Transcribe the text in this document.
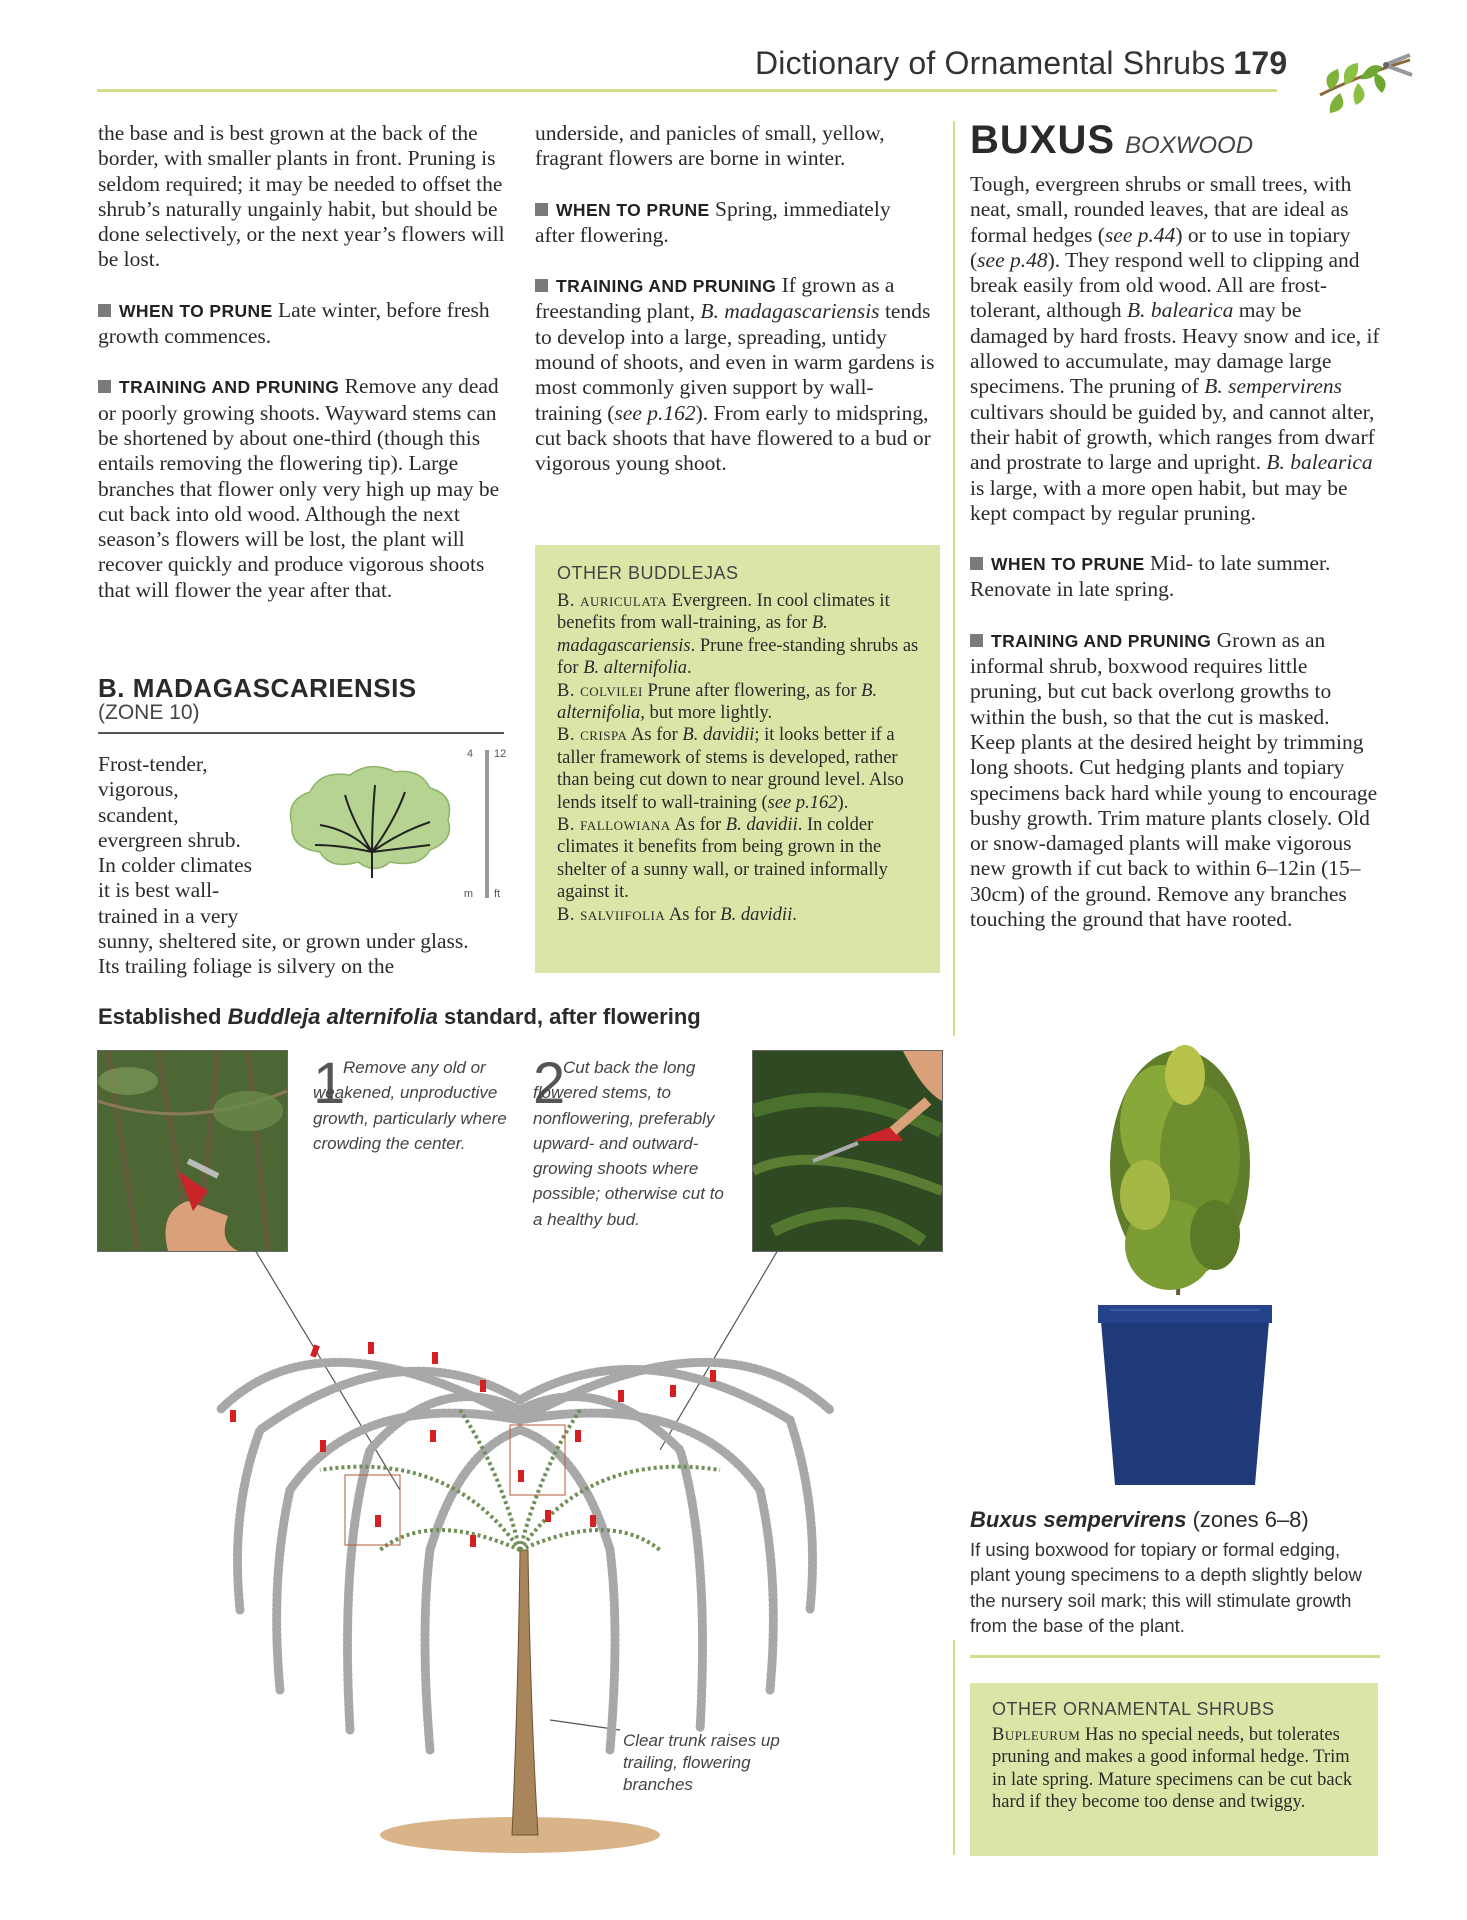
Dictionary of Ornamental Shrubs 179

the base and is best grown at the back of the border, with smaller plants in front. Pruning is seldom required; it may be needed to offset the shrub’s naturally ungainly habit, but should be done selectively, or the next year’s flowers will be lost.

WHEN TO PRUNE Late winter, before fresh growth commences.

TRAINING AND PRUNING Remove any dead or poorly growing shoots. Wayward stems can be shortened by about one-third (though this entails removing the flowering tip). Large branches that flower only very high up may be cut back into old wood. Although the next season’s flowers will be lost, the plant will recover quickly and produce vigorous shoots that will flower the year after that.

B. MADAGASCARIENSIS
(ZONE 10)
Frost-tender,
vigorous,
scandent,
evergreen shrub.
In colder climates
it is best wall-
trained in a very
sunny, sheltered site, or grown under glass.
Its trailing foliage is silvery on the
4 12
m ft

underside, and panicles of small, yellow, fragrant flowers are borne in winter.

WHEN TO PRUNE Spring, immediately after flowering.

TRAINING AND PRUNING If grown as a freestanding plant, B. madagascariensis tends to develop into a large, spreading, untidy mound of shoots, and even in warm gardens is most commonly given support by wall-training (see p.162). From early to midspring, cut back shoots that have flowered to a bud or vigorous young shoot.

OTHER BUDDLEJAS
B. auriculata Evergreen. In cool climates it benefits from wall-training, as for B. madagascariensis. Prune free-standing shrubs as for B. alternifolia.
B. colvilei Prune after flowering, as for B. alternifolia, but more lightly.
B. crispa As for B. davidii; it looks better if a taller framework of stems is developed, rather than being cut down to near ground level. Also lends itself to wall-training (see p.162).
B. fallowiana As for B. davidii. In colder climates it benefits from being grown in the shelter of a sunny wall, or trained informally against it.
B. salviifolia As for B. davidii.
Established Buddleja alternifolia standard, after flowering
1
Remove any old or weakened, unproductive growth, particularly where crowding the center.
2
Cut back the long flowered stems, to nonflowering, preferably upward- and outward-growing shoots where possible; otherwise cut to a healthy bud.
Clear trunk raises up trailing, flowering branches
BUXUS BOXWOOD

Tough, evergreen shrubs or small trees, with neat, small, rounded leaves, that are ideal as formal hedges (see p.44) or to use in topiary (see p.48). They respond well to clipping and break easily from old wood. All are frost-tolerant, although B. balearica may be damaged by hard frosts. Heavy snow and ice, if allowed to accumulate, may damage large specimens. The pruning of B. sempervirens cultivars should be guided by, and cannot alter, their habit of growth, which ranges from dwarf and prostrate to large and upright. B. balearica is large, with a more open habit, but may be kept compact by regular pruning.

WHEN TO PRUNE Mid- to late summer. Renovate in late spring.

TRAINING AND PRUNING Grown as an informal shrub, boxwood requires little pruning, but cut back overlong growths to within the bush, so that the cut is masked. Keep plants at the desired height by trimming long shoots. Cut hedging plants and topiary specimens back hard while young to encourage bushy growth. Trim mature plants closely. Old or snow-damaged plants will make vigorous new growth if cut back to within 6–12in (15–30cm) of the ground. Remove any branches touching the ground that have rooted.

Buxus sempervirens (zones 6–8)
If using boxwood for topiary or formal edging, plant young specimens to a depth slightly below the nursery soil mark; this will stimulate growth from the base of the plant.
OTHER ORNAMENTAL SHRUBS
Bupleurum Has no special needs, but tolerates pruning and makes a good informal hedge. Trim in late spring. Mature specimens can be cut back hard if they become too dense and twiggy.
